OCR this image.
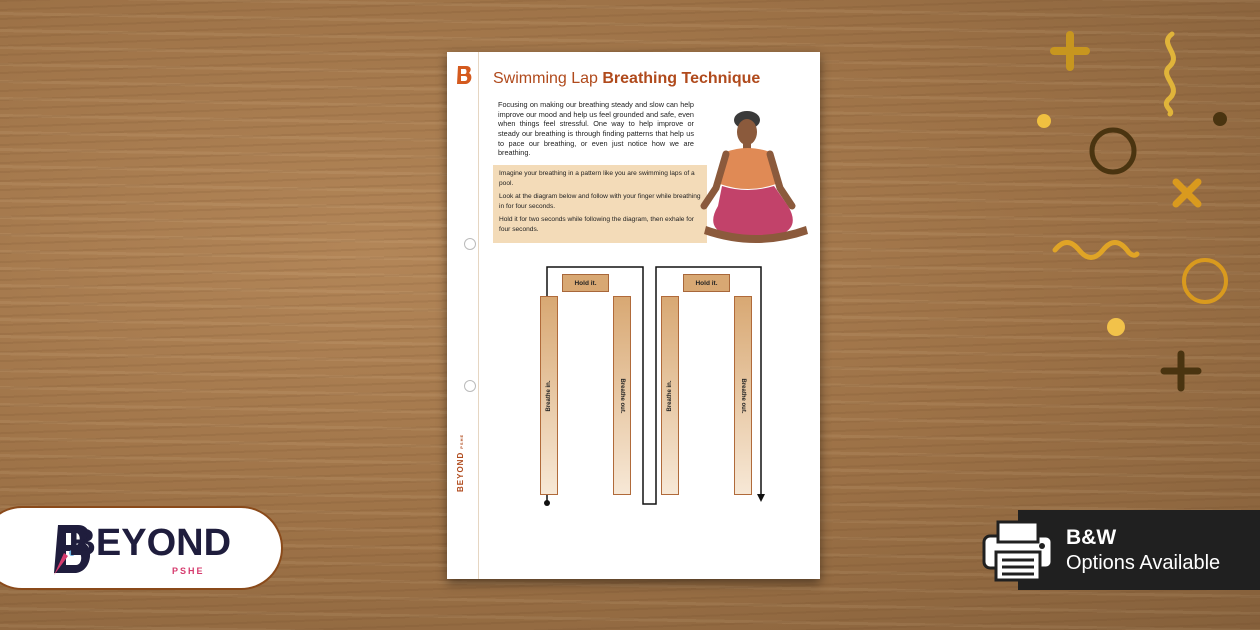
BEYONDPSHE
Swimming Lap Breathing Technique
Focusing on making our breathing steady and slow can help improve our mood and help us feel grounded and safe, even when things feel stressful. One way to help improve or steady our breathing is through finding patterns that help us to pace our breathing, or even just notice how we are breathing.

Imagine your breathing in a pattern like you are swimming laps of a pool.

Look at the diagram below and follow with your finger while breathing in for four seconds.

Hold it for two seconds while following the diagram, then exhale for four seconds.

Hold it.	Hold it.
Breathe in.	Breathe out.	Breathe in.	Breathe out.
BEYOND
PSHE
B&W
Options Available
